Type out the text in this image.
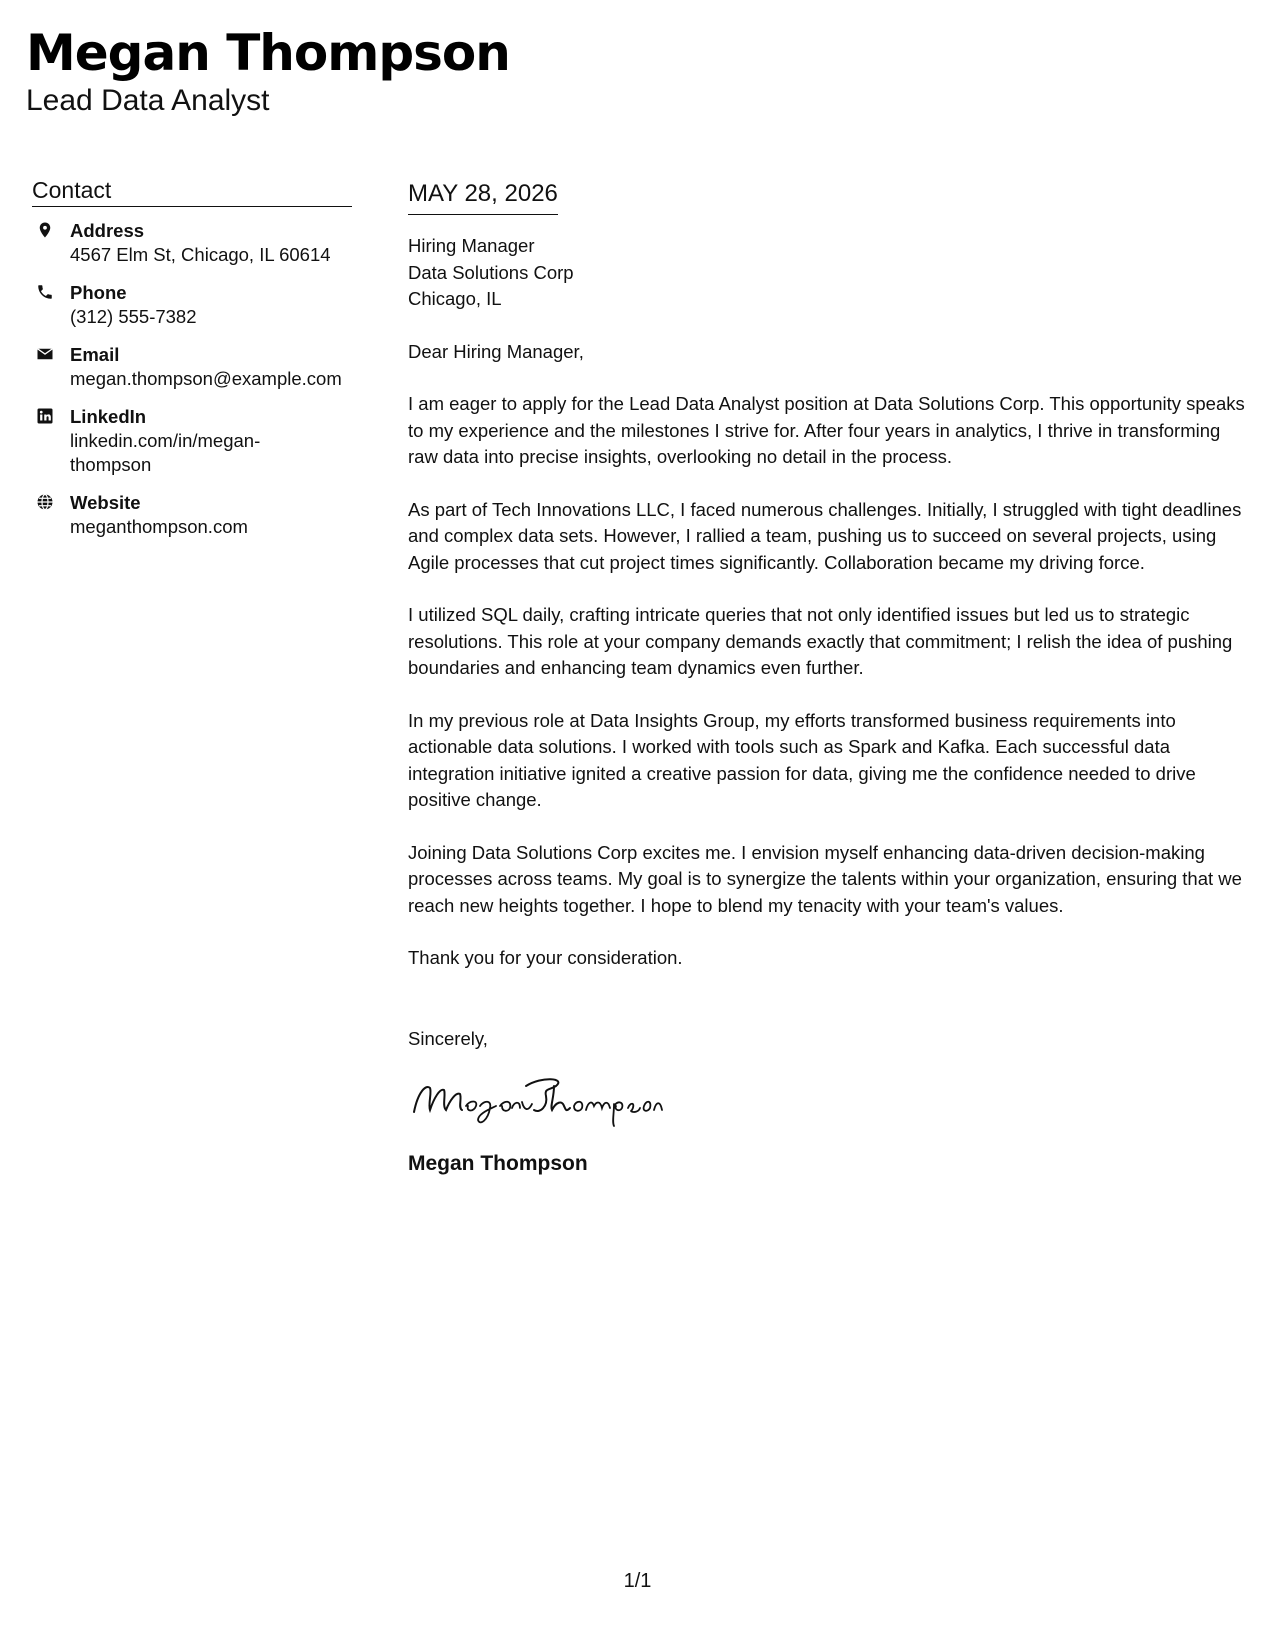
Megan Thompson
Lead Data Analyst
Contact
Address
4567 Elm St, Chicago, IL 60614
Phone
(312) 555-7382
Email
megan.thompson@example.com
LinkedIn
linkedin.com/in/megan-thompson
Website
meganthompson.com
MAY 28, 2026
Hiring Manager
Data Solutions Corp
Chicago, IL
Dear Hiring Manager,

I am eager to apply for the Lead Data Analyst position at Data Solutions Corp. This opportunity speaks to my experience and the milestones I strive for. After four years in analytics, I thrive in transforming raw data into precise insights, overlooking no detail in the process.

As part of Tech Innovations LLC, I faced numerous challenges. Initially, I struggled with tight deadlines and complex data sets. However, I rallied a team, pushing us to succeed on several projects, using Agile processes that cut project times significantly. Collaboration became my driving force.

I utilized SQL daily, crafting intricate queries that not only identified issues but led us to strategic resolutions. This role at your company demands exactly that commitment; I relish the idea of pushing boundaries and enhancing team dynamics even further.

In my previous role at Data Insights Group, my efforts transformed business requirements into actionable data solutions. I worked with tools such as Spark and Kafka. Each successful data integration initiative ignited a creative passion for data, giving me the confidence needed to drive positive change.

Joining Data Solutions Corp excites me. I envision myself enhancing data-driven decision-making processes across teams. My goal is to synergize the talents within your organization, ensuring that we reach new heights together. I hope to blend my tenacity with your team's values.

Thank you for your consideration.

Sincerely,
Megan Thompson
1/1
